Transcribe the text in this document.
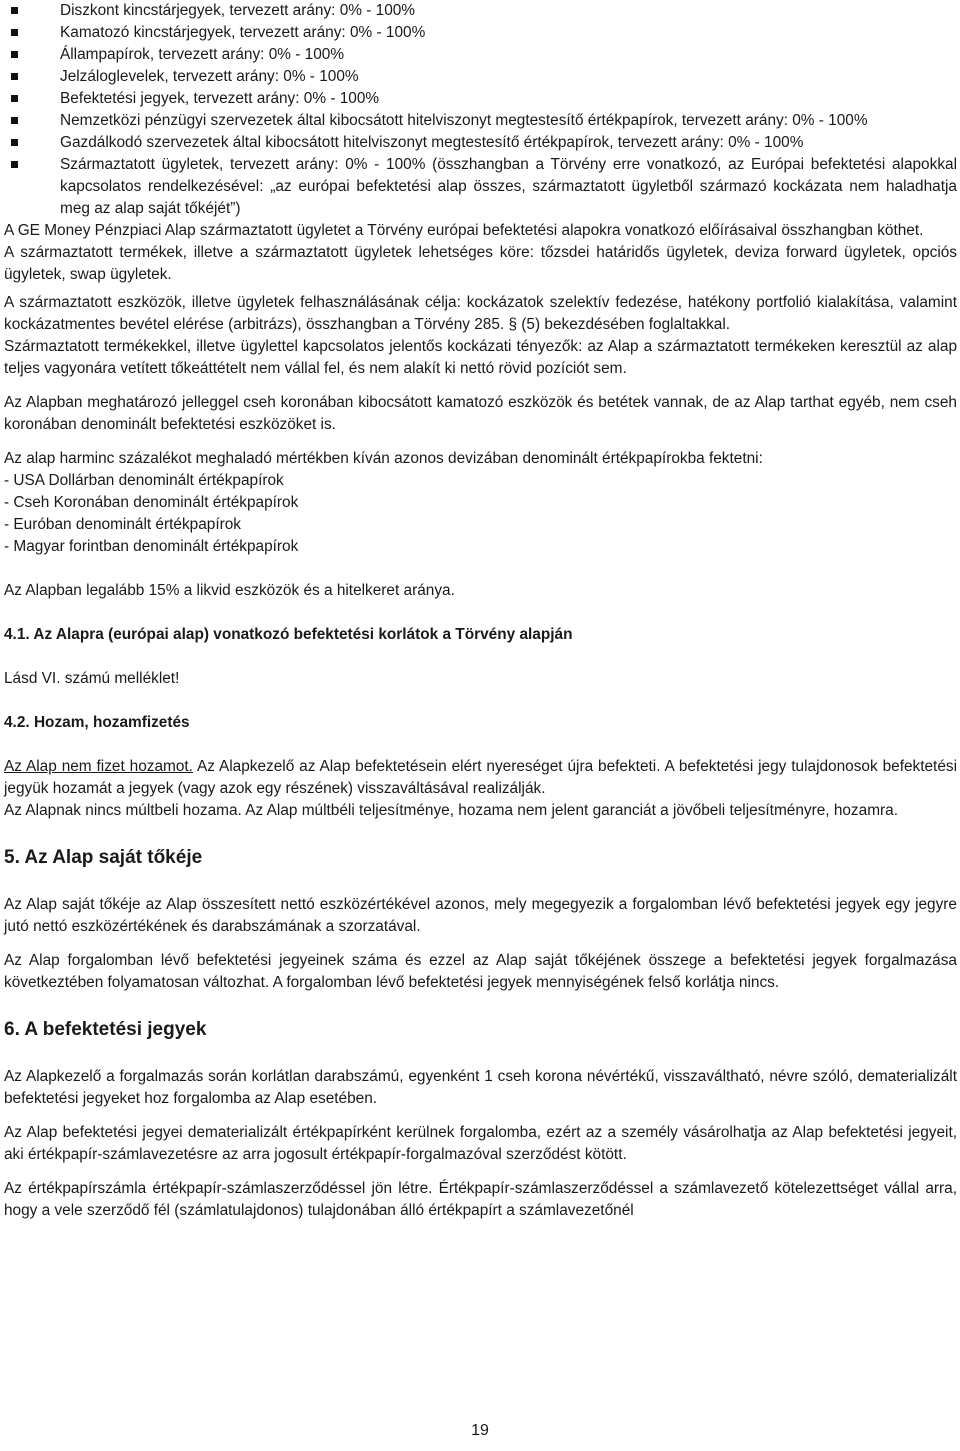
Diszkont kincstárjegyek, tervezett arány: 0% - 100%
Kamatozó kincstárjegyek, tervezett arány: 0% - 100%
Állampapírok, tervezett arány: 0% - 100%
Jelzáloglevelek, tervezett arány: 0% - 100%
Befektetési jegyek, tervezett arány: 0% - 100%
Nemzetközi pénzügyi szervezetek által kibocsátott hitelviszonyt megtestesítő értékpapírok, tervezett arány: 0% - 100%
Gazdálkodó szervezetek által kibocsátott hitelviszonyt megtestesítő értékpapírok, tervezett arány: 0% - 100%
Származtatott ügyletek, tervezett arány: 0% - 100% (összhangban a Törvény erre vonatkozó, az Európai befektetési alapokkal kapcsolatos rendelkezésével: „az európai befektetési alap összes, származtatott ügyletből származó kockázata nem haladhatja meg az alap saját tőkéjét”)

A GE Money Pénzpiaci Alap származtatott ügyletet a Törvény európai befektetési alapokra vonatkozó előírásaival összhangban köthet.

A származtatott termékek, illetve a származtatott ügyletek lehetséges köre: tőzsdei határidős ügyletek, deviza forward ügyletek, opciós ügyletek, swap ügyletek.

A származtatott eszközök, illetve ügyletek felhasználásának célja: kockázatok szelektív fedezése, hatékony portfolió kialakítása, valamint kockázatmentes bevétel elérése (arbitrázs), összhangban a Törvény 285. § (5) bekezdésében foglaltakkal.

Származtatott termékekkel, illetve ügylettel kapcsolatos jelentős kockázati tényezők: az Alap a származtatott termékeken keresztül az alap teljes vagyonára vetített tőkeáttételt nem vállal fel, és nem alakít ki nettó rövid pozíciót sem.

Az Alapban meghatározó jelleggel cseh koronában kibocsátott kamatozó eszközök és betétek vannak, de az Alap tarthat egyéb, nem cseh koronában denominált befektetési eszközöket is.

Az alap harminc százalékot meghaladó mértékben kíván azonos devizában denominált értékpapírokba fektetni:

- USA Dollárban denominált értékpapírok

- Cseh Koronában denominált értékpapírok

- Euróban denominált értékpapírok

- Magyar forintban denominált értékpapírok

Az Alapban legalább 15% a likvid eszközök és a hitelkeret aránya.

4.1. Az Alapra (európai alap) vonatkozó befektetési korlátok a Törvény alapján

Lásd VI. számú melléklet!

4.2. Hozam, hozamfizetés

Az Alap nem fizet hozamot. Az Alapkezelő az Alap befektetésein elért nyereséget újra befekteti. A befektetési jegy tulajdonosok befektetési jegyük hozamát a jegyek (vagy azok egy részének) visszaváltásával realizálják.

Az Alapnak nincs múltbeli hozama. Az Alap múltbéli teljesítménye, hozama nem jelent garanciát a jövőbeli teljesítményre, hozamra.

5. Az Alap saját tőkéje

Az Alap saját tőkéje az Alap összesített nettó eszközértékével azonos, mely megegyezik a forgalomban lévő befektetési jegyek egy jegyre jutó nettó eszközértékének és darabszámának a szorzatával.

Az Alap forgalomban lévő befektetési jegyeinek száma és ezzel az Alap saját tőkéjének összege a befektetési jegyek forgalmazása következtében folyamatosan változhat. A forgalomban lévő befektetési jegyek mennyiségének felső korlátja nincs.

6. A befektetési jegyek

Az Alapkezelő a forgalmazás során korlátlan darabszámú, egyenként 1 cseh korona névértékű, visszaváltható, névre szóló, dematerializált befektetési jegyeket hoz forgalomba az Alap esetében.

Az Alap befektetési jegyei dematerializált értékpapírként kerülnek forgalomba, ezért az a személy vásárolhatja az Alap befektetési jegyeit, aki értékpapír-számlavezetésre az arra jogosult értékpapír-forgalmazóval szerződést kötött.

Az értékpapírszámla értékpapír-számlaszerződéssel jön létre. Értékpapír-számlaszerződéssel a számlavezető kötelezettséget vállal arra, hogy a vele szerződő fél (számlatulajdonos) tulajdonában álló értékpapírt a számlavezetőnél

19
